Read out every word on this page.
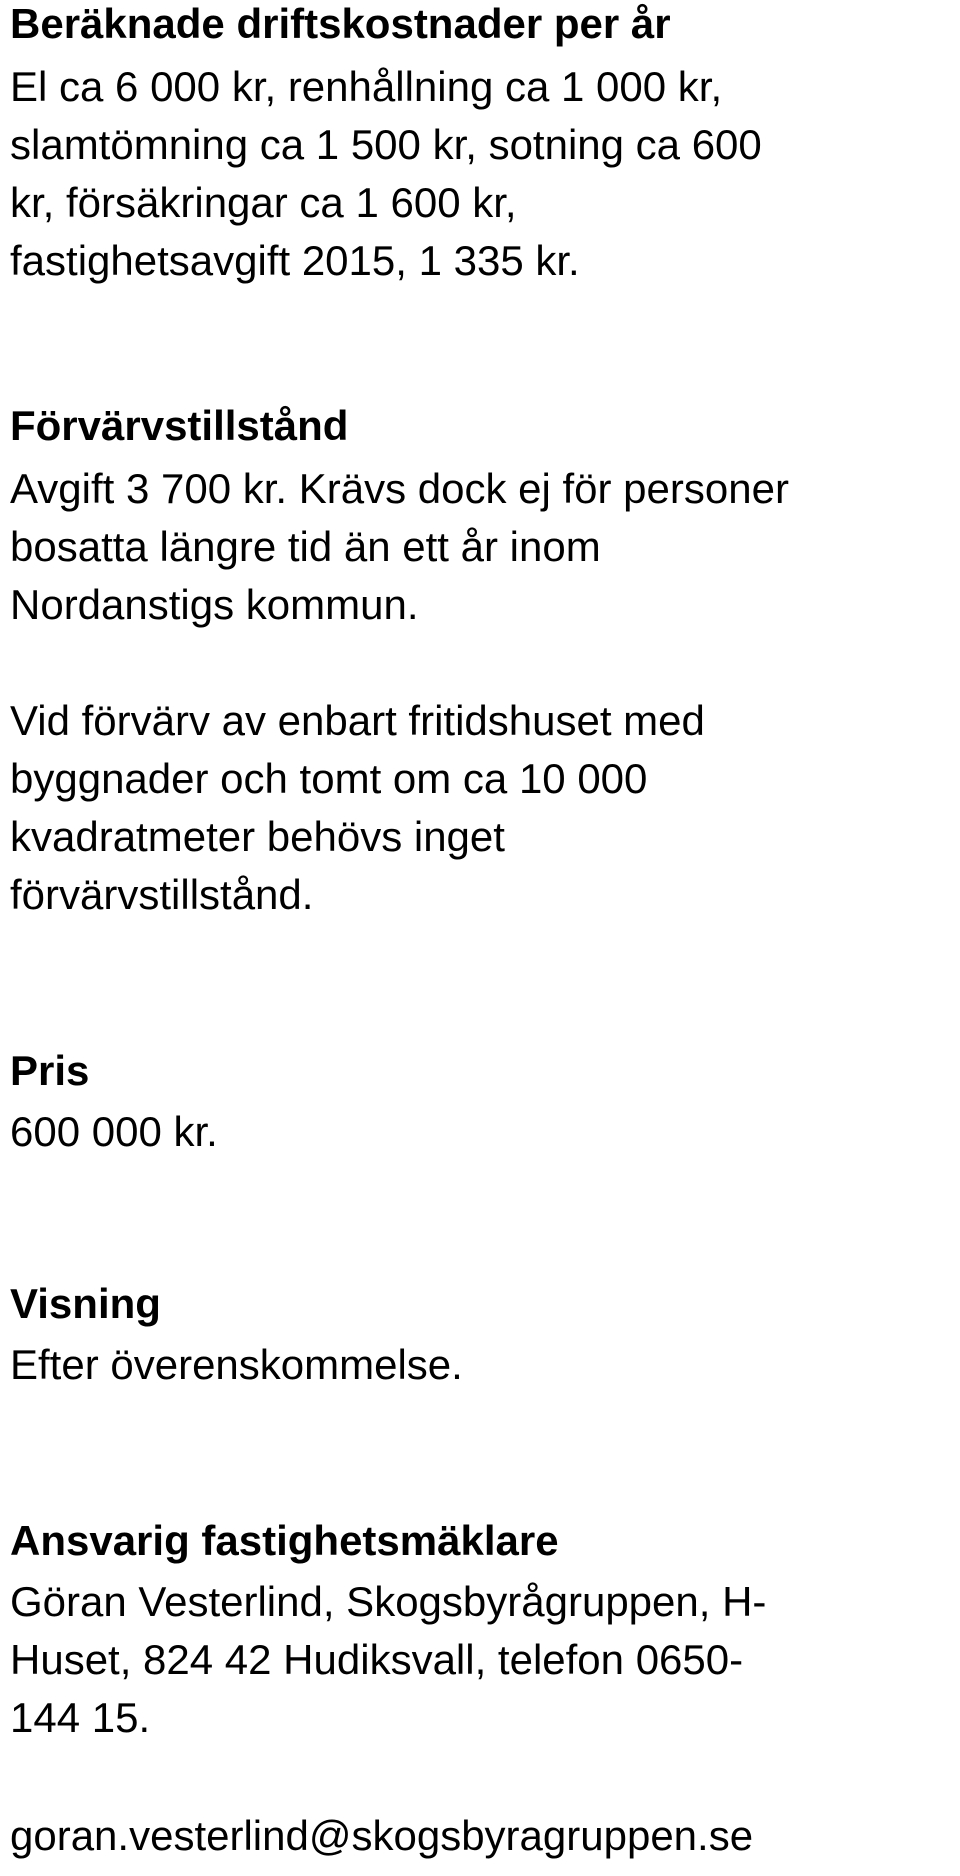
Beräknade driftskostnader per år

El ca 6 000 kr, renhållning ca 1 000 kr,
slamtömning ca 1 500 kr, sotning ca 600
kr, försäkringar ca 1 600 kr,
fastighetsavgift 2015, 1 335 kr.

Förvärvstillstånd

Avgift 3 700 kr. Krävs dock ej för personer
bosatta längre tid än ett år inom
Nordanstigs kommun.

Vid förvärv av enbart fritidshuset med
byggnader och tomt om ca 10 000
kvadratmeter behövs inget
förvärvstillstånd.

Pris

600 000 kr.

Visning

Efter överenskommelse.

Ansvarig fastighetsmäklare

Göran Vesterlind, Skogsbyrågruppen, H-
Huset, 824 42 Hudiksvall, telefon 0650-
144 15.

goran.vesterlind@skogsbyragruppen.se
